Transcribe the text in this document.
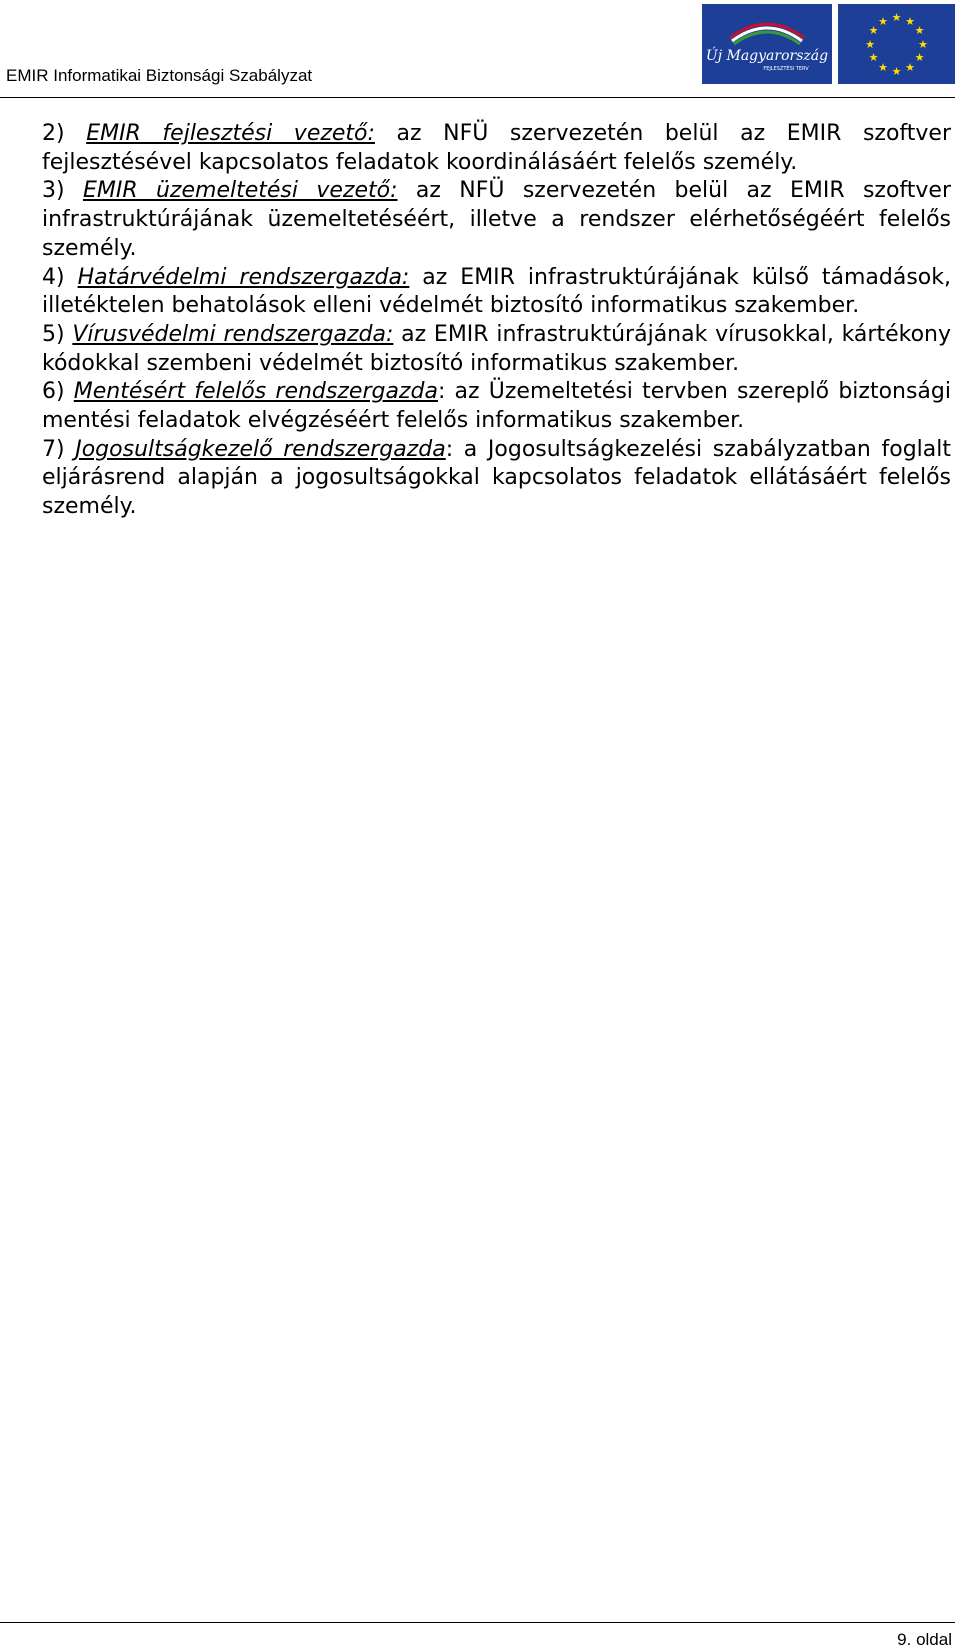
EMIR Informatikai Biztonsági Szabályzat
Új Magyarország
FEJLESZTÉSI TERV
★ ★
★
★
★
★
★
★
★
★
★
★

2) EMIR fejlesztési vezető: az NFÜ szervezetén belül az EMIR szoftver fejlesztésével kapcsolatos feladatok koordinálásáért felelős személy.

3) EMIR üzemeltetési vezető: az NFÜ szervezetén belül az EMIR szoftver infrastruktúrájának üzemeltetéséért, illetve a rendszer elérhetőségéért felelős személy.

4) Határvédelmi rendszergazda: az EMIR infrastruktúrájának külső támadások, illetéktelen behatolások elleni védelmét biztosító informatikus szakember.

5) Vírusvédelmi rendszergazda: az EMIR infrastruktúrájának vírusokkal, kártékony kódokkal szembeni védelmét biztosító informatikus szakember.

6) Mentésért felelős rendszergazda: az Üzemeltetési tervben szereplő biztonsági mentési feladatok elvégzéséért felelős informatikus szakember.

7) Jogosultságkezelő rendszergazda: a Jogosultságkezelési szabályzatban foglalt eljárásrend alapján a jogosultságokkal kapcsolatos feladatok ellátásáért felelős személy.

9. oldal
